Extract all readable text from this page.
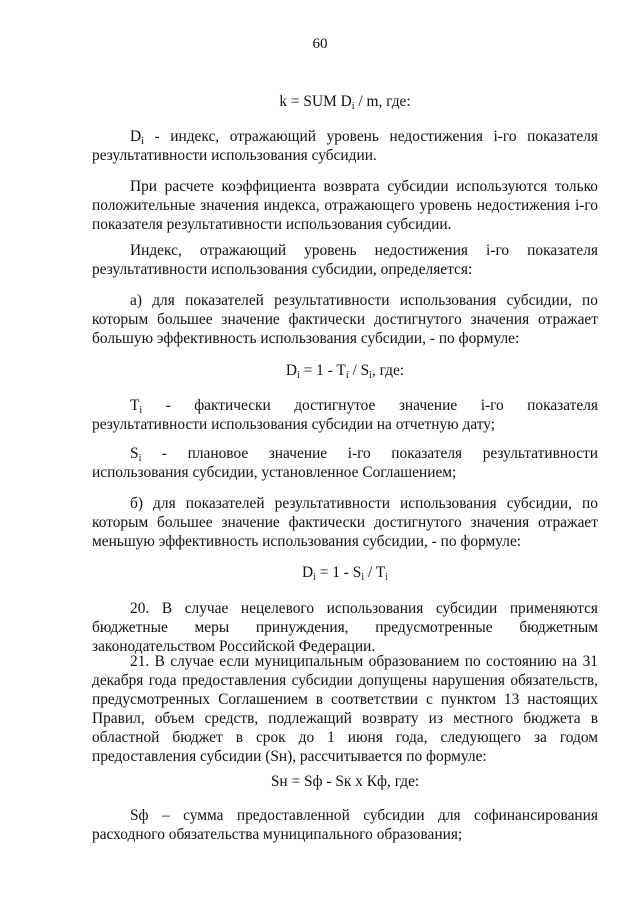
60

k = SUM $D_i$ / m, где:

$D_i$ - индекс, отражающий уровень недостижения i-го показателя результативности использования субсидии.

При расчете коэффициента возврата субсидии используются только положительные значения индекса, отражающего уровень недостижения i-го показателя результативности использования субсидии.

Индекс, отражающий уровень недостижения i-го показателя результативности использования субсидии, определяется:

а) для показателей результативности использования субсидии, по которым большее значение фактически достигнутого значения отражает большую эффективность использования субсидии, - по формуле:

$D_i = 1 - T_i / S_i$, где:

$T_i$ - фактически достигнутое значение i-го показателя результативности использования субсидии на отчетную дату;

$S_i$ - плановое значение i-го показателя результативности использования субсидии, установленное Соглашением;

б) для показателей результативности использования субсидии, по которым большее значение фактически достигнутого значения отражает меньшую эффективность использования субсидии, - по формуле:

$D_i = 1 - S_i / T_i$

20. В случае нецелевого использования субсидии применяются бюджетные меры принуждения, предусмотренные бюджетным законодательством Российской Федерации.

21. В случае если муниципальным образованием по состоянию на 31 декабря года предоставления субсидии допущены нарушения обязательств, предусмотренных Соглашением в соответствии с пунктом 13 настоящих Правил, объем средств, подлежащий возврату из местного бюджета в областной бюджет в срок до 1 июня года, следующего за годом предоставления субсидии (Sн), рассчитывается по формуле:

Sн = Sф - Sк х Кф, где:

Sф – сумма предоставленной субсидии для софинансирования расходного обязательства муниципального образования;
